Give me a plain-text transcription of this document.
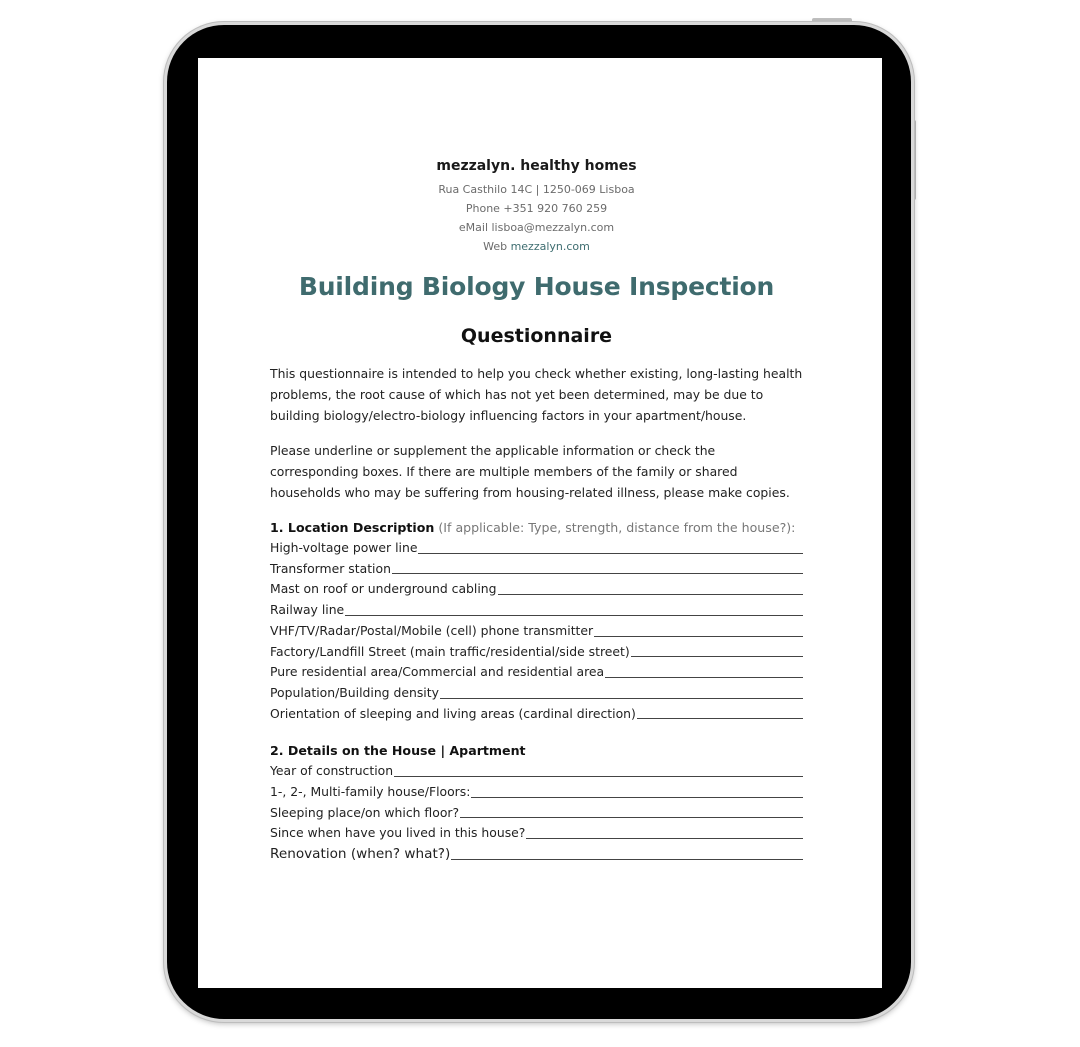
mezzalyn. healthy homes
Rua Casthilo 14C | 1250-069 Lisboa
Phone +351 920 760 259
eMail lisboa@mezzalyn.com
Web mezzalyn.com
Building Biology House Inspection
Questionnaire

This questionnaire is intended to help you check whether existing, long-lasting health problems, the root cause of which has not yet been determined, may be due to building biology/electro-biology influencing factors in your apartment/house.

Please underline or supplement the applicable information or check the corresponding boxes. If there are multiple members of the family or shared households who may be suffering from housing-related illness, please make copies.

1. Location Description (If applicable: Type, strength, distance from the house?):
High-voltage power line
Transformer station
Mast on roof or underground cabling
Railway line
VHF/TV/Radar/Postal/Mobile (cell) phone transmitter
Factory/Landfill Street (main traffic/residential/side street)
Pure residential area/Commercial and residential area
Population/Building density
Orientation of sleeping and living areas (cardinal direction)
2. Details on the House | Apartment
Year of construction
1-, 2-, Multi-family house/Floors:
Sleeping place/on which floor?
Since when have you lived in this house?
Renovation (when? what?)
